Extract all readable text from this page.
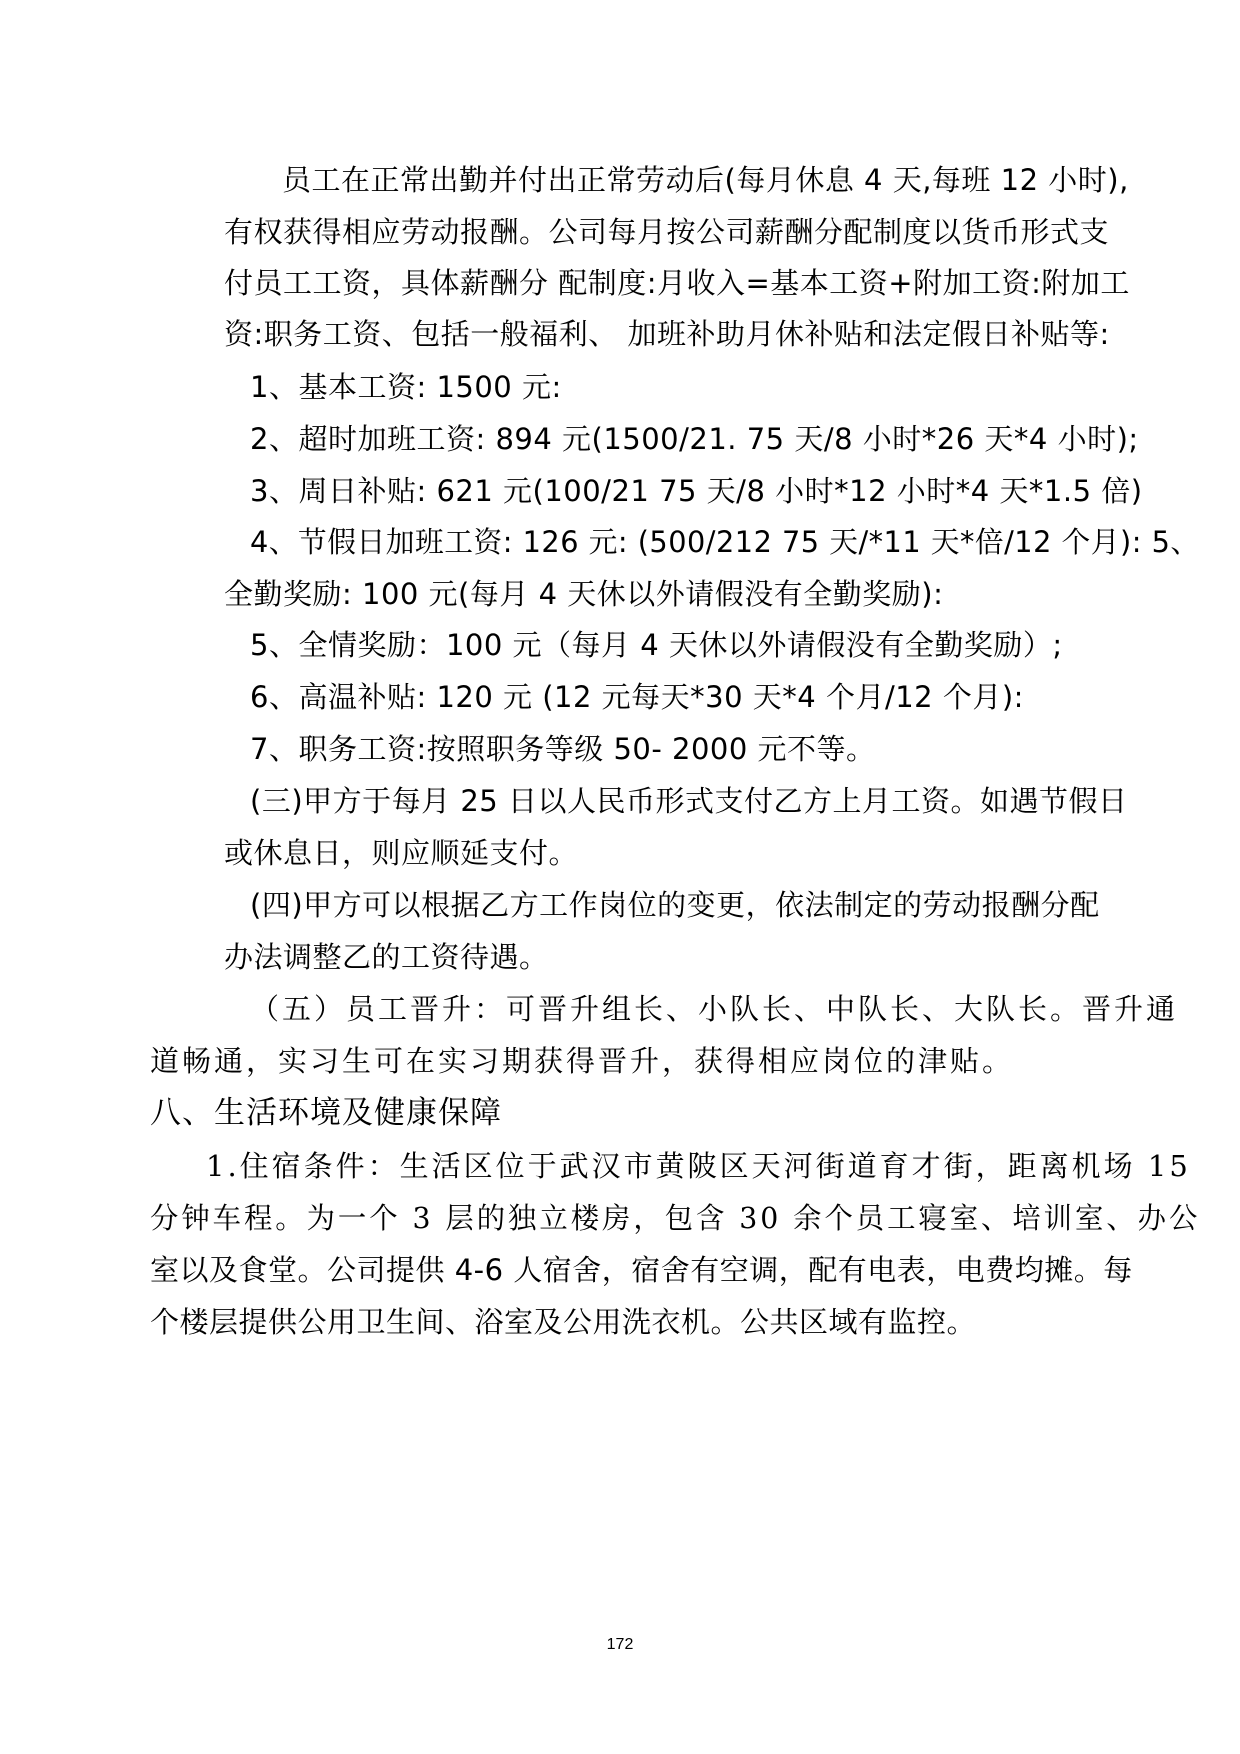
员工在正常出勤并付出正常劳动后(每月休息 4 天,每班 12 小时),
有权获得相应劳动报酬。公司每月按公司薪酬分配制度以货币形式支
付员工工资，具体薪酬分 配制度:月收入=基本工资+附加工资:附加工
资:职务工资、包括一般福利、 加班补助月休补贴和法定假日补贴等:
1、基本工资: 1500 元:
2、超时加班工资: 894 元(1500/21. 75 天/8 小时*26 天*4 小时);
3、周日补贴: 621 元(100/21 75 天/8 小时*12 小时*4 天*1.5 倍)
4、节假日加班工资: 126 元: (500/212 75 天/*11 天*倍/12 个月): 5、
全勤奖励: 100 元(每月 4 天休以外请假没有全勤奖励):
5、全情奖励：100 元（每月 4 天休以外请假没有全勤奖励）;
6、高温补贴: 120 元 (12 元每天*30 天*4 个月/12 个月):
7、职务工资:按照职务等级 50- 2000 元不等。
(三)甲方于每月 25 日以人民币形式支付乙方上月工资。如遇节假日
或休息日，则应顺延支付。
(四)甲方可以根据乙方工作岗位的变更，依法制定的劳动报酬分配
办法调整乙的工资待遇。
（五）员工晋升：可晋升组长、小队长、中队长、大队长。晋升通
道畅通，实习生可在实习期获得晋升，获得相应岗位的津贴。
八、生活环境及健康保障
1.住宿条件：生活区位于武汉市黄陂区天河街道育才街，距离机场 15
分钟车程。为一个 3 层的独立楼房，包含 30 余个员工寝室、培训室、办公
室以及食堂。公司提供 4-6 人宿舍，宿舍有空调，配有电表，电费均摊。每
个楼层提供公用卫生间、浴室及公用洗衣机。公共区域有监控。
172
